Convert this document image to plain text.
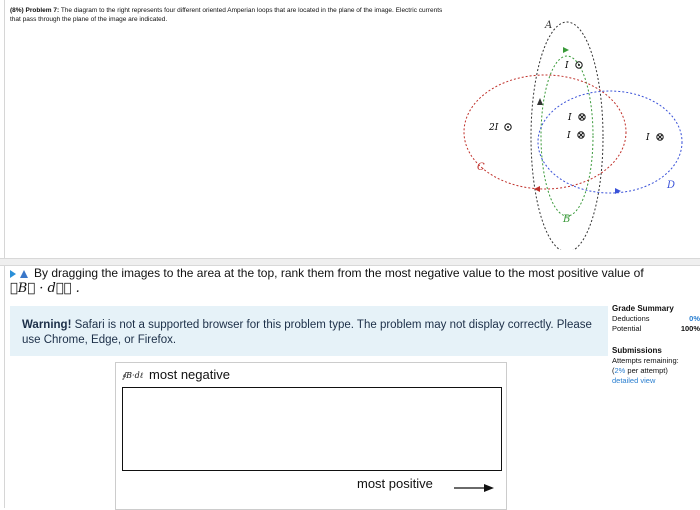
(8%) Problem 7: The diagram to the right represents four different oriented Amperian loops that are located in the plane of the image. Electric currents that pass through the plane of the image are indicated.
A
B
C
D
I
2I
I
I	I
By dragging the images to the area at the top, rank them from the most negative value to the most positive value of
∮B⃗ · dℓ⃗ .
Warning! Safari is not a supported browser for this problem type. The problem may not display correctly. Please use Chrome, Edge, or Firefox.
Grade Summary
Deductions	0%
Potential	100%
Submissions
Attempts remaining:
(2% per attempt)
detailed view
∮B·dℓ most negative
most positive
